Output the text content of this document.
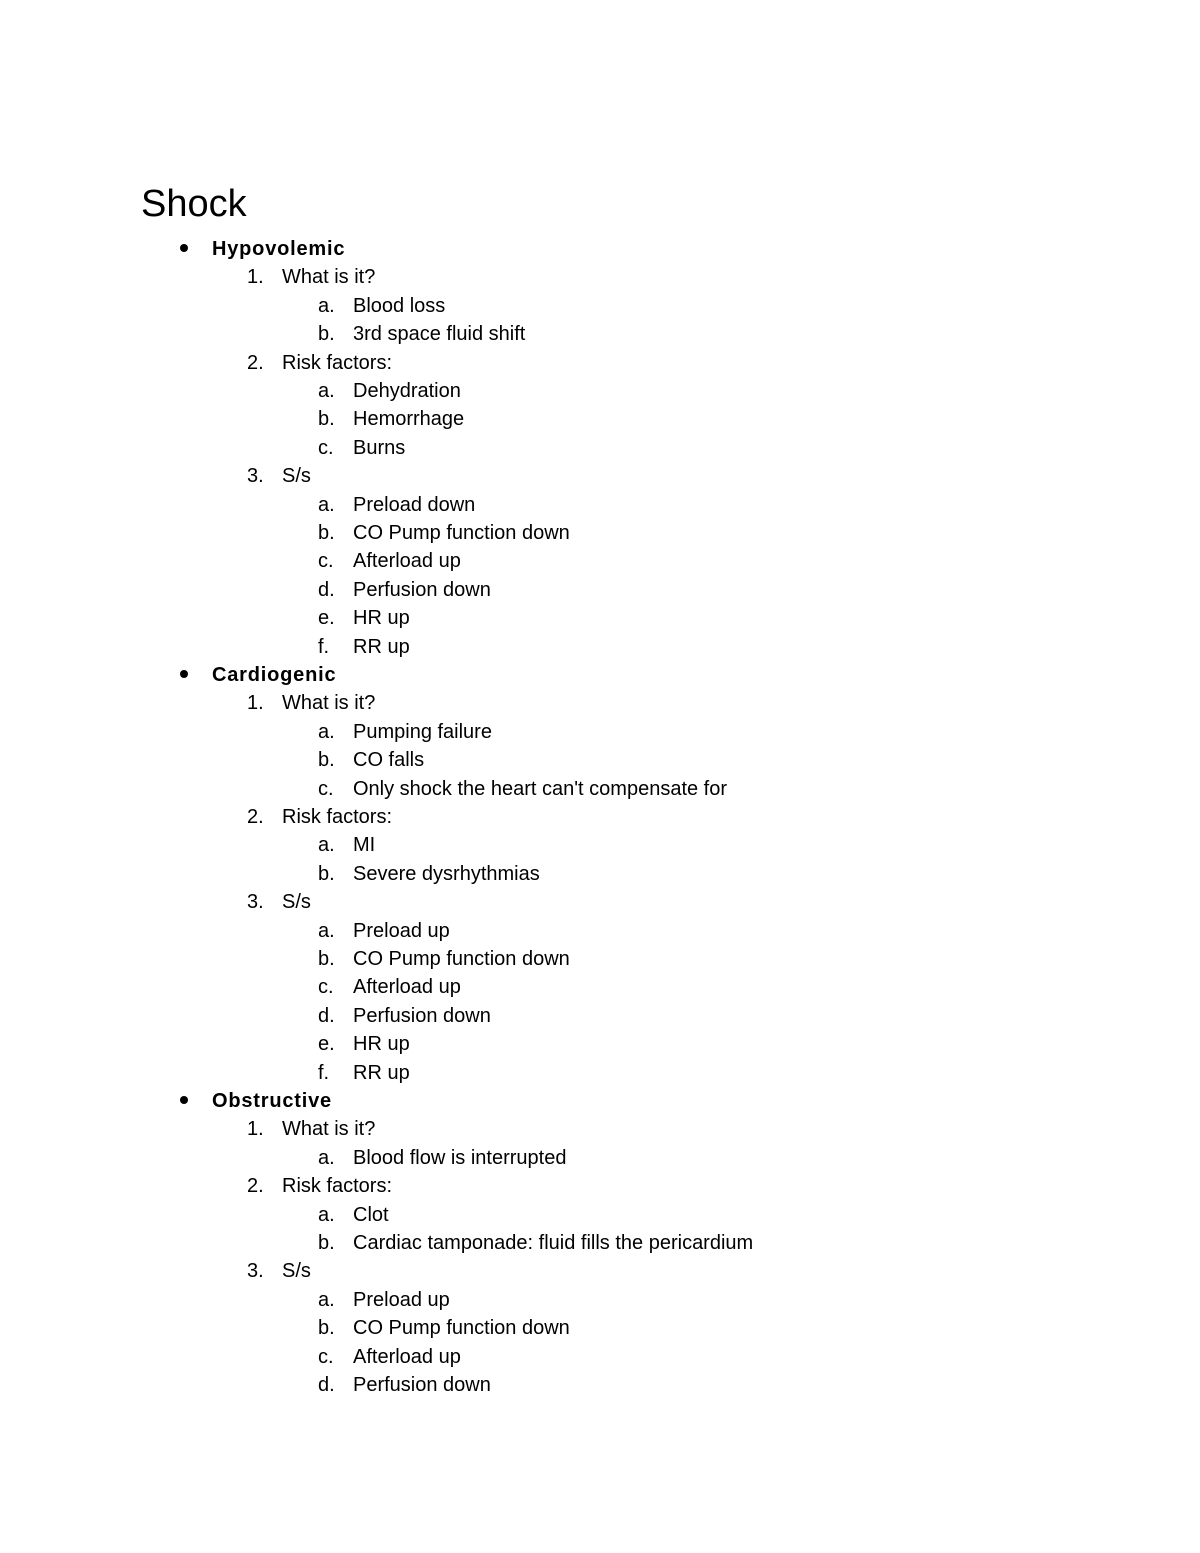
Shock
Hypovolemic
1. What is it?
a. Blood loss
b. 3rd space fluid shift
2. Risk factors:
a. Dehydration
b. Hemorrhage
c. Burns
3. S/s
a. Preload down
b. CO Pump function down
c. Afterload up
d. Perfusion down
e. HR up
f. RR up
Cardiogenic
1. What is it?
a. Pumping failure
b. CO falls
c. Only shock the heart can't compensate for
2. Risk factors:
a. MI
b. Severe dysrhythmias
3. S/s
a. Preload up
b. CO Pump function down
c. Afterload up
d. Perfusion down
e. HR up
f. RR up
Obstructive
1. What is it?
a. Blood flow is interrupted
2. Risk factors:
a. Clot
b. Cardiac tamponade: fluid fills the pericardium
3. S/s
a. Preload up
b. CO Pump function down
c. Afterload up
d. Perfusion down
